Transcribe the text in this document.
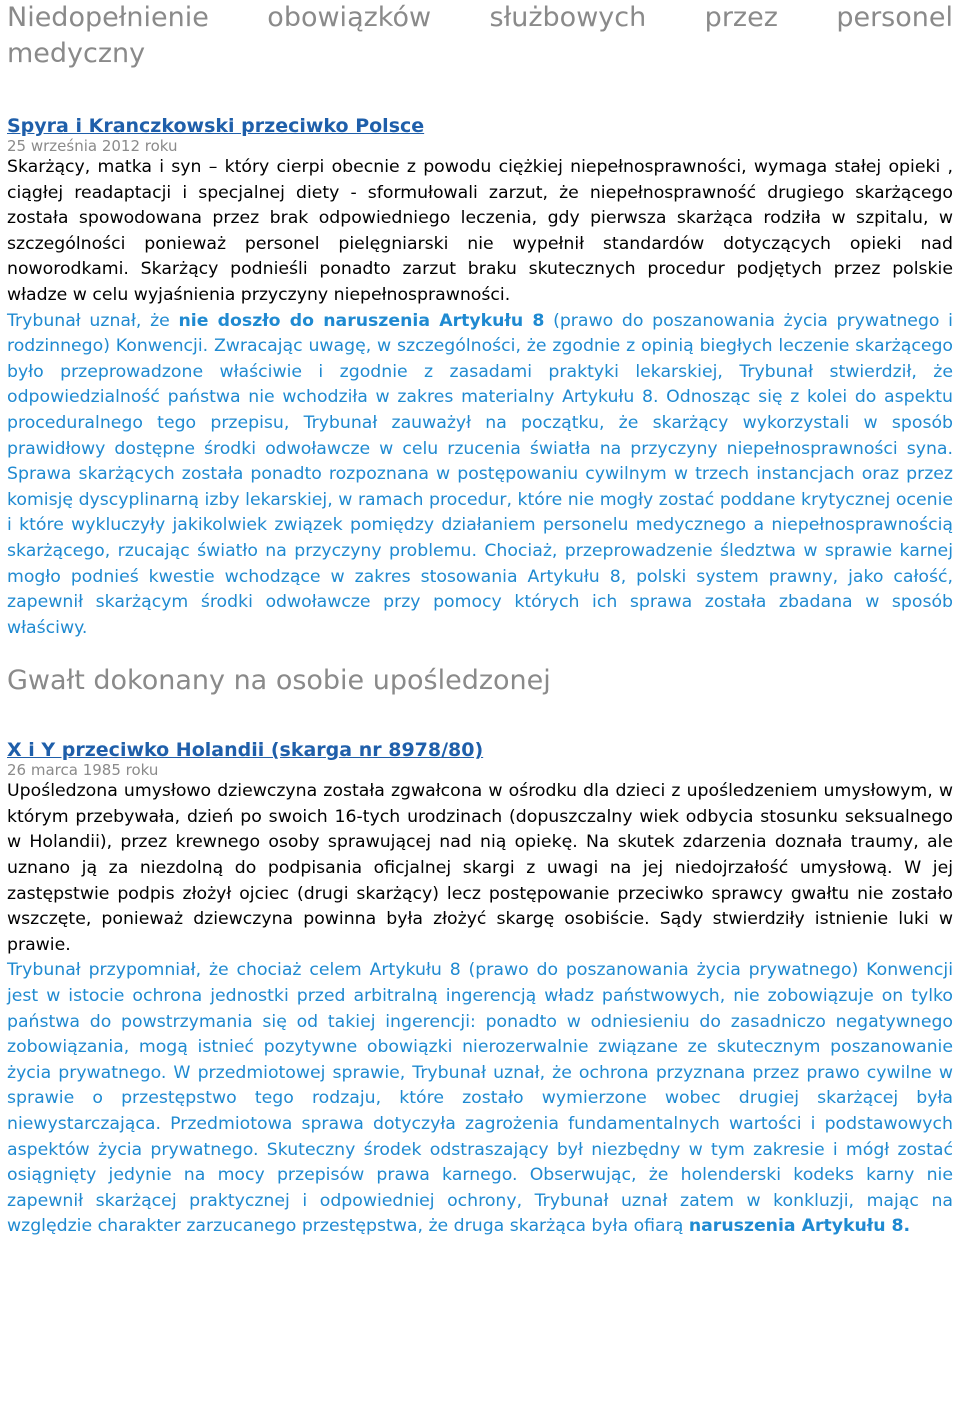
Niedopełnienie obowiązków służbowych przez personel medyczny
Spyra i Kranczkowski przeciwko Polsce

25 września 2012 roku

Skarżący, matka i syn – który cierpi obecnie z powodu ciężkiej niepełnosprawności, wymaga stałej opieki , ciągłej readaptacji i specjalnej diety - sformułowali zarzut, że niepełnosprawność drugiego skarżącego została spowodowana przez brak odpowiedniego leczenia, gdy pierwsza skarżąca rodziła w szpitalu, w szczególności ponieważ personel pielęgniarski nie wypełnił standardów dotyczących opieki nad noworodkami. Skarżący podnieśli ponadto zarzut braku skutecznych procedur podjętych przez polskie władze w celu wyjaśnienia przyczyny niepełnosprawności.

Trybunał uznał, że nie doszło do naruszenia Artykułu 8 (prawo do poszanowania życia prywatnego i rodzinnego) Konwencji. Zwracając uwagę, w szczególności, że zgodnie z opinią biegłych leczenie skarżącego było przeprowadzone właściwie i zgodnie z zasadami praktyki lekarskiej, Trybunał stwierdził, że odpowiedzialność państwa nie wchodziła w zakres materialny Artykułu 8. Odnosząc się z kolei do aspektu proceduralnego tego przepisu, Trybunał zauważył na początku, że skarżący wykorzystali w sposób prawidłowy dostępne środki odwoławcze w celu rzucenia światła na przyczyny niepełnosprawności syna. Sprawa skarżących została ponadto rozpoznana w postępowaniu cywilnym w trzech instancjach oraz przez komisję dyscyplinarną izby lekarskiej, w ramach procedur, które nie mogły zostać poddane krytycznej ocenie i które wykluczyły jakikolwiek związek pomiędzy działaniem personelu medycznego a niepełnosprawnością skarżącego, rzucając światło na przyczyny problemu. Chociaż, przeprowadzenie śledztwa w sprawie karnej mogło podnieś kwestie wchodzące w zakres stosowania Artykułu 8, polski system prawny, jako całość, zapewnił skarżącym środki odwoławcze przy pomocy których ich sprawa została zbadana w sposób właściwy.

Gwałt dokonany na osobie upośledzonej
X i Y przeciwko Holandii (skarga nr 8978/80)

26 marca 1985 roku

Upośledzona umysłowo dziewczyna została zgwałcona w ośrodku dla dzieci z upośledzeniem umysłowym, w którym przebywała, dzień po swoich 16-tych urodzinach (dopuszczalny wiek odbycia stosunku seksualnego w Holandii), przez krewnego osoby sprawującej nad nią opiekę. Na skutek zdarzenia doznała traumy, ale uznano ją za niezdolną do podpisania oficjalnej skargi z uwagi na jej niedojrzałość umysłową. W jej zastępstwie podpis złożył ojciec (drugi skarżący) lecz postępowanie przeciwko sprawcy gwałtu nie zostało wszczęte, ponieważ dziewczyna powinna była złożyć skargę osobiście. Sądy stwierdziły istnienie luki w prawie.

Trybunał przypomniał, że chociaż celem Artykułu 8 (prawo do poszanowania życia prywatnego) Konwencji jest w istocie ochrona jednostki przed arbitralną ingerencją władz państwowych, nie zobowiązuje on tylko państwa do powstrzymania się od takiej ingerencji: ponadto w odniesieniu do zasadniczo negatywnego zobowiązania, mogą istnieć pozytywne obowiązki nierozerwalnie związane ze skutecznym poszanowanie życia prywatnego. W przedmiotowej sprawie, Trybunał uznał, że ochrona przyznana przez prawo cywilne w sprawie o przestępstwo tego rodzaju, które zostało wymierzone wobec drugiej skarżącej była niewystarczająca. Przedmiotowa sprawa dotyczyła zagrożenia fundamentalnych wartości i podstawowych aspektów życia prywatnego. Skuteczny środek odstraszający był niezbędny w tym zakresie i mógł zostać osiągnięty jedynie na mocy przepisów prawa karnego. Obserwując, że holenderski kodeks karny nie zapewnił skarżącej praktycznej i odpowiedniej ochrony, Trybunał uznał zatem w konkluzji, mając na względzie charakter zarzucanego przestępstwa, że druga skarżąca była ofiarą naruszenia Artykułu 8.
